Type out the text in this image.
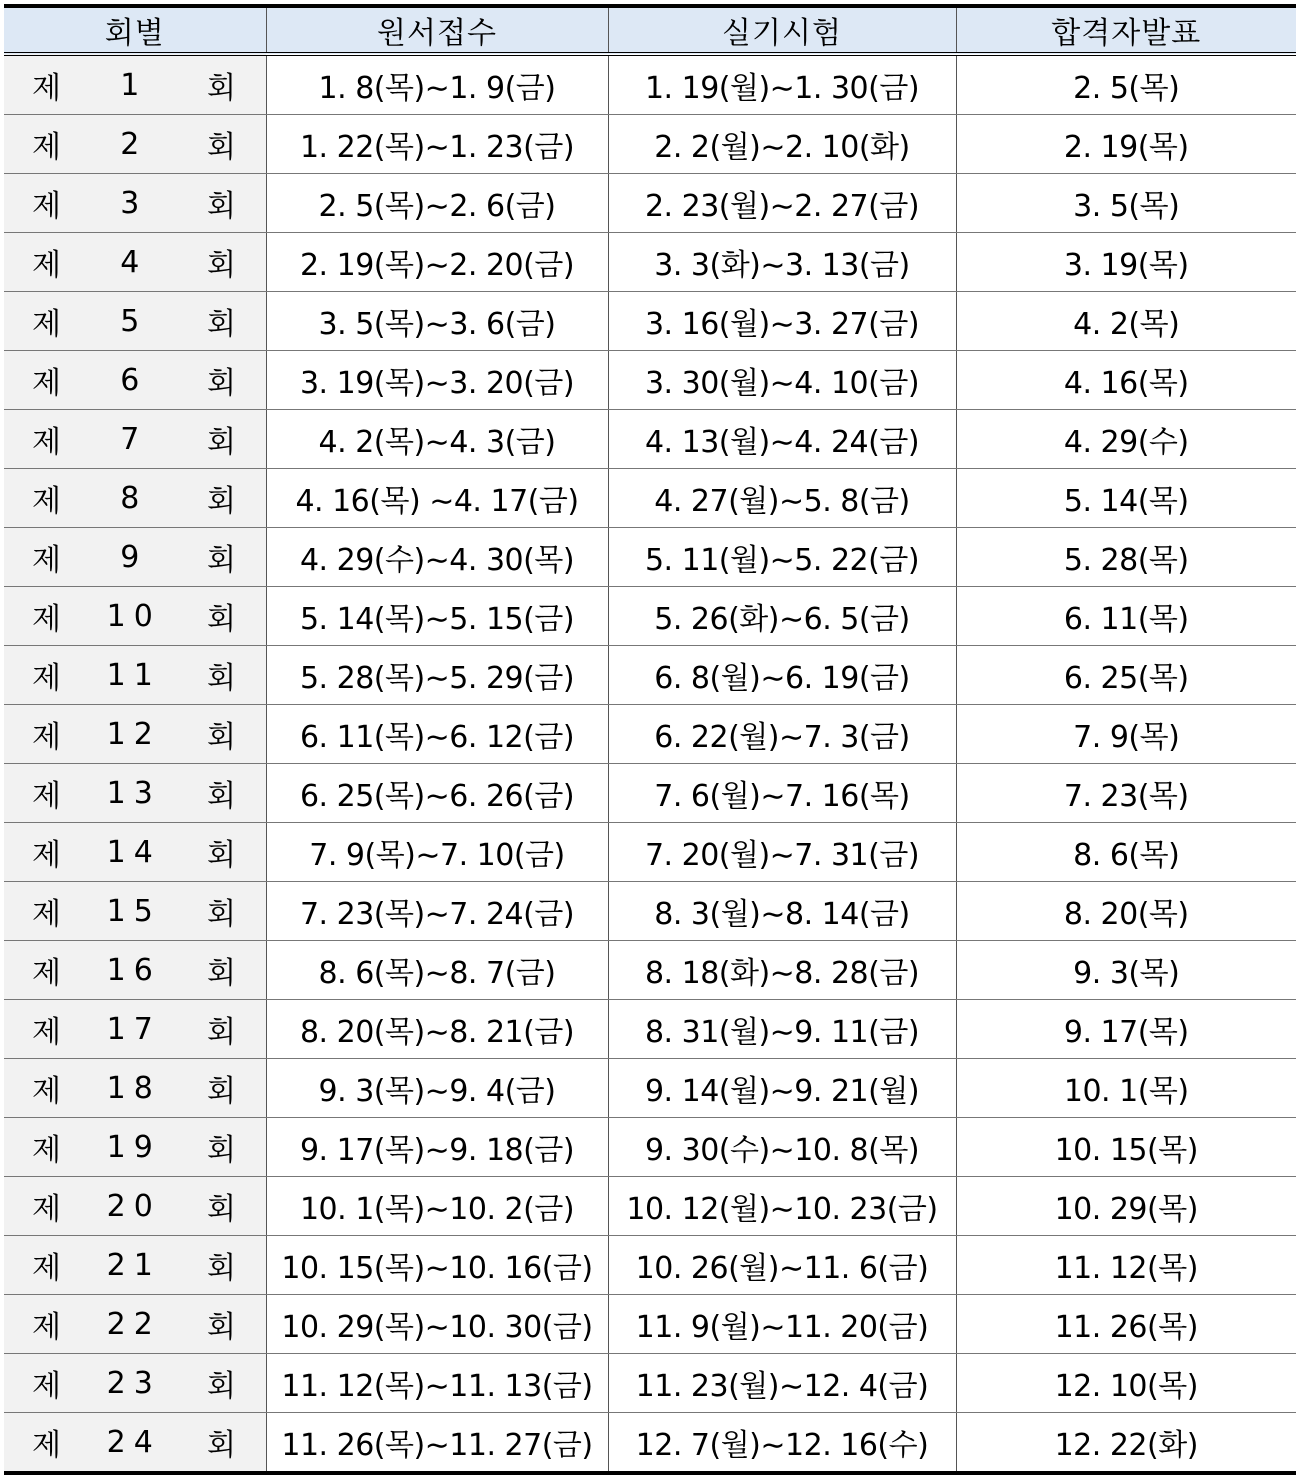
회별	원서접수	실기시험	합격자발표

제 1 회	1. 8(목)∼1. 9(금)	1. 19(월)∼1. 30(금)	2. 5(목)

제 2 회	1. 22(목)∼1. 23(금)	2. 2(월)∼2. 10(화)	2. 19(목)

제 3 회	2. 5(목)∼2. 6(금)	2. 23(월)∼2. 27(금)	3. 5(목)

제 4 회	2. 19(목)∼2. 20(금)	3. 3(화)∼3. 13(금)	3. 19(목)

제 5 회	3. 5(목)∼3. 6(금)	3. 16(월)∼3. 27(금)	4. 2(목)

제 6 회	3. 19(목)∼3. 20(금)	3. 30(월)∼4. 10(금)	4. 16(목)

제 7 회	4. 2(목)∼4. 3(금)	4. 13(월)∼4. 24(금)	4. 29(수)

제 8 회	4. 16(목) ∼4. 17(금)	4. 27(월)∼5. 8(금)	5. 14(목)

제 9 회	4. 29(수)∼4. 30(목)	5. 11(월)∼5. 22(금)	5. 28(목)

제 10 회	5. 14(목)∼5. 15(금)	5. 26(화)∼6. 5(금)	6. 11(목)

제 11 회	5. 28(목)∼5. 29(금)	6. 8(월)∼6. 19(금)	6. 25(목)

제 12 회	6. 11(목)∼6. 12(금)	6. 22(월)∼7. 3(금)	7. 9(목)

제 13 회	6. 25(목)∼6. 26(금)	7. 6(월)∼7. 16(목)	7. 23(목)

제 14 회	7. 9(목)∼7. 10(금)	7. 20(월)∼7. 31(금)	8. 6(목)

제 15 회	7. 23(목)∼7. 24(금)	8. 3(월)∼8. 14(금)	8. 20(목)

제 16 회	8. 6(목)∼8. 7(금)	8. 18(화)∼8. 28(금)	9. 3(목)

제 17 회	8. 20(목)∼8. 21(금)	8. 31(월)∼9. 11(금)	9. 17(목)

제 18 회	9. 3(목)∼9. 4(금)	9. 14(월)∼9. 21(월)	10. 1(목)

제 19 회	9. 17(목)∼9. 18(금)	9. 30(수)∼10. 8(목)	10. 15(목)

제 20 회	10. 1(목)∼10. 2(금)	10. 12(월)∼10. 23(금)	10. 29(목)

제 21 회	10. 15(목)∼10. 16(금)	10. 26(월)∼11. 6(금)	11. 12(목)

제 22 회	10. 29(목)∼10. 30(금)	11. 9(월)∼11. 20(금)	11. 26(목)

제 23 회	11. 12(목)∼11. 13(금)	11. 23(월)∼12. 4(금)	12. 10(목)

제 24 회	11. 26(목)∼11. 27(금)	12. 7(월)∼12. 16(수)	12. 22(화)
